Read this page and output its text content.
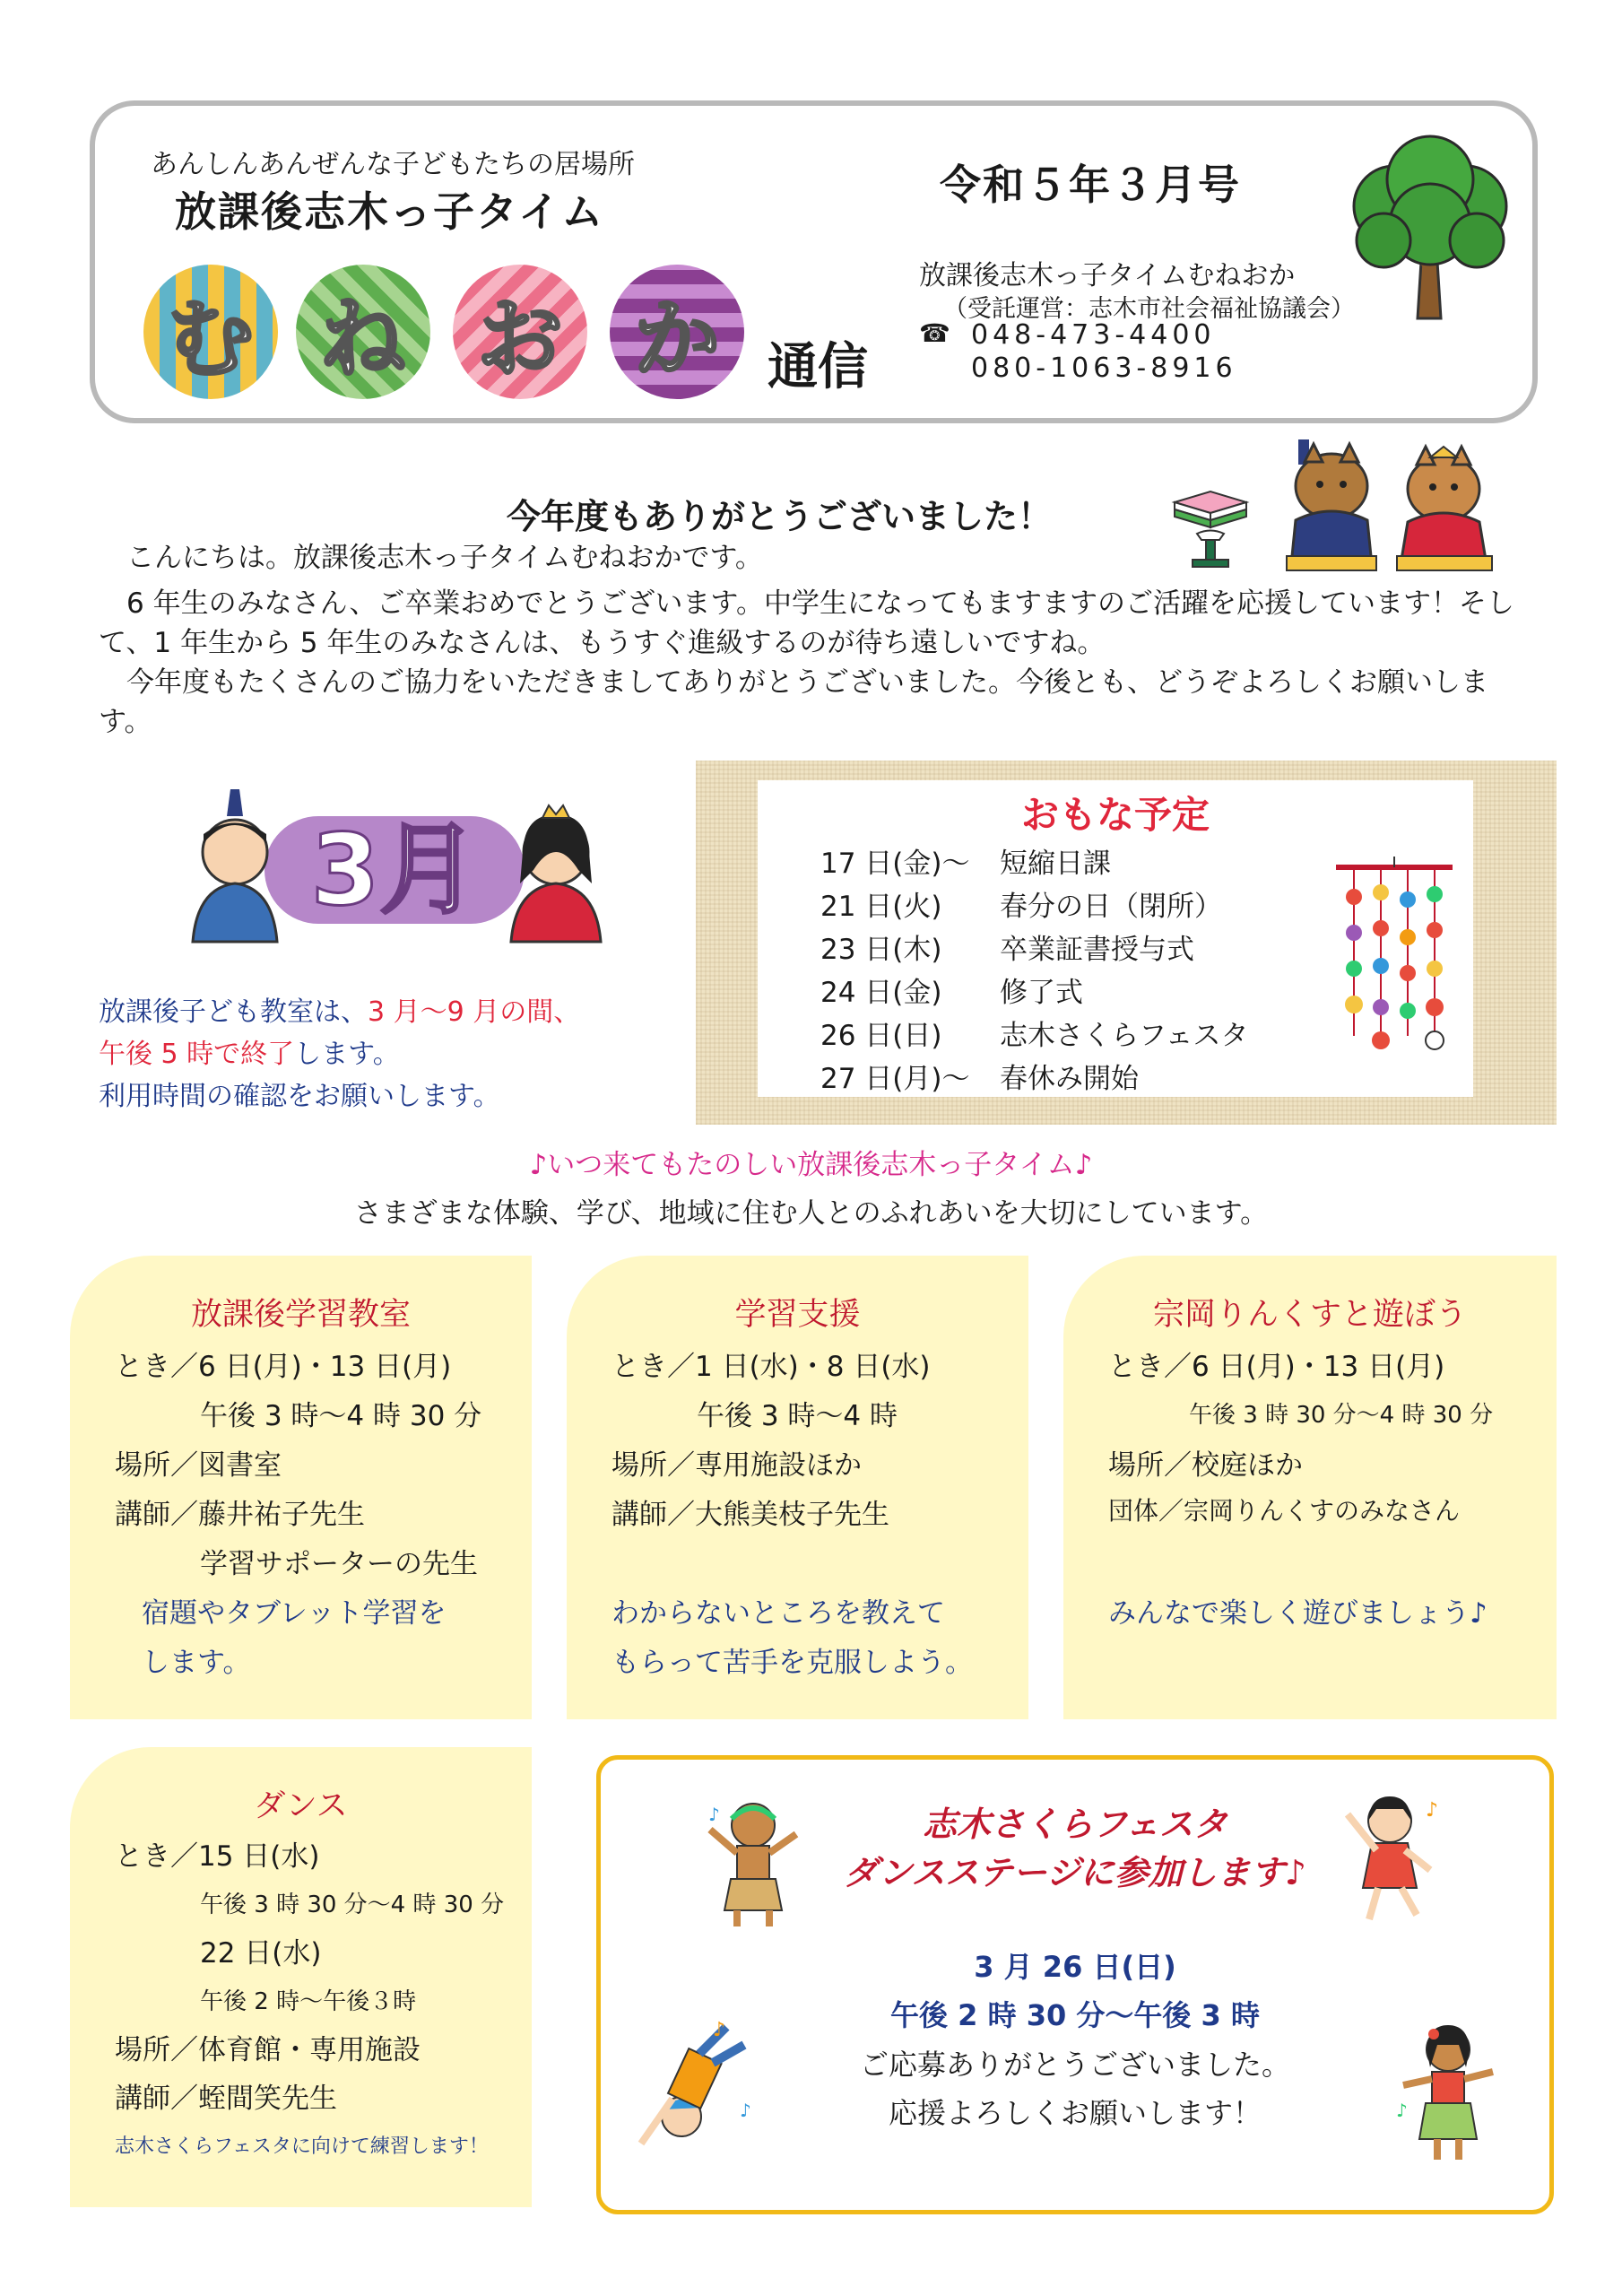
あんしんあんぜんな子どもたちの居場所
放課後志木っ子タイム
む ね お か 通信
令和５年３月号
放課後志木っ子タイムむねおか
（受託運営：志木市社会福祉協議会）
☎ 048-473-4400
080-1063-8916
今年度もありがとうございました！
　こんにちは。放課後志木っ子タイムむねおかです。
　6 年生のみなさん、ご卒業おめでとうございます。中学生になってもますますのご活躍を応援しています！そして、1 年生から 5 年生のみなさんは、もうすぐ進級するのが待ち遠しいですね。
　今年度もたくさんのご協力をいただきましてありがとうございました。今後とも、どうぞよろしくお願いします。
3月
放課後子ども教室は、3 月～9 月の間、
午後 5 時で終了します。
利用時間の確認をお願いします。
おもな予定
17 日(金)～ 短縮日課
21 日(火) 春分の日（閉所）
23 日(木) 卒業証書授与式
24 日(金) 修了式
26 日(日) 志木さくらフェスタ
27 日(月)～ 春休み開始
♪いつ来てもたのしい放課後志木っ子タイム♪
さまざまな体験、学び、地域に住む人とのふれあいを大切にしています。
放課後学習教室
とき／6 日(月)・13 日(月)
午後 3 時～4 時 30 分
場所／図書室
講師／藤井祐子先生
学習サポーターの先生
宿題やタブレット学習を
します。
学習支援
とき／1 日(水)・8 日(水)
午後 3 時～4 時
場所／専用施設ほか
講師／大熊美枝子先生
わからないところを教えて
もらって苦手を克服しよう。
宗岡りんくすと遊ぼう
とき／6 日(月)・13 日(月)
午後 3 時 30 分～4 時 30 分
場所／校庭ほか
団体／宗岡りんくすのみなさん
みんなで楽しく遊びましょう♪
ダンス
とき／15 日(水)
午後 3 時 30 分～4 時 30 分
22 日(水)
午後 2 時～午後３時
場所／体育館・専用施設
講師／蛭間笑先生
志木さくらフェスタに向けて練習します！
志木さくらフェスタ
ダンスステージに参加します♪
3 月 26 日(日)
午後 2 時 30 分～午後 3 時
ご応募ありがとうございました。
応援よろしくお願いします！
♪	♪
♪
♪	♪
